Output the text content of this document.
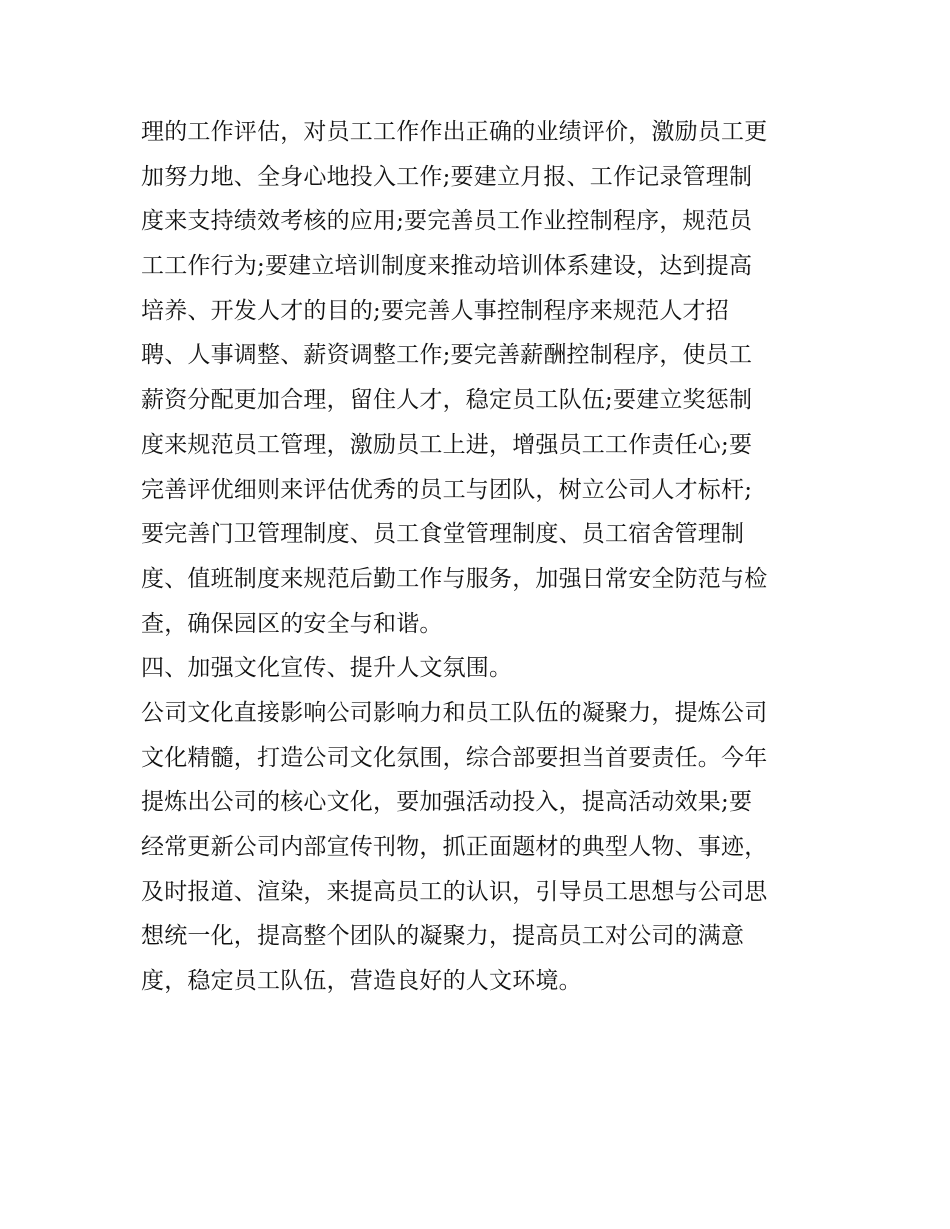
理的工作评估，对员工工作作出正确的业绩评价，激励员工更
加努力地、全身心地投入工作;要建立月报、工作记录管理制
度来支持绩效考核的应用;要完善员工作业控制程序，规范员
工工作行为;要建立培训制度来推动培训体系建设，达到提高
培养、开发人才的目的;要完善人事控制程序来规范人才招
聘、人事调整、薪资调整工作;要完善薪酬控制程序，使员工
薪资分配更加合理，留住人才，稳定员工队伍;要建立奖惩制
度来规范员工管理，激励员工上进，增强员工工作责任心;要
完善评优细则来评估优秀的员工与团队，树立公司人才标杆;
要完善门卫管理制度、员工食堂管理制度、员工宿舍管理制
度、值班制度来规范后勤工作与服务，加强日常安全防范与检
查，确保园区的安全与和谐。
四、加强文化宣传、提升人文氛围。
公司文化直接影响公司影响力和员工队伍的凝聚力，提炼公司
文化精髓，打造公司文化氛围，综合部要担当首要责任。今年
提炼出公司的核心文化，要加强活动投入，提高活动效果;要
经常更新公司内部宣传刊物，抓正面题材的典型人物、事迹，
及时报道、渲染，来提高员工的认识，引导员工思想与公司思
想统一化，提高整个团队的凝聚力，提高员工对公司的满意
度，稳定员工队伍，营造良好的人文环境。
